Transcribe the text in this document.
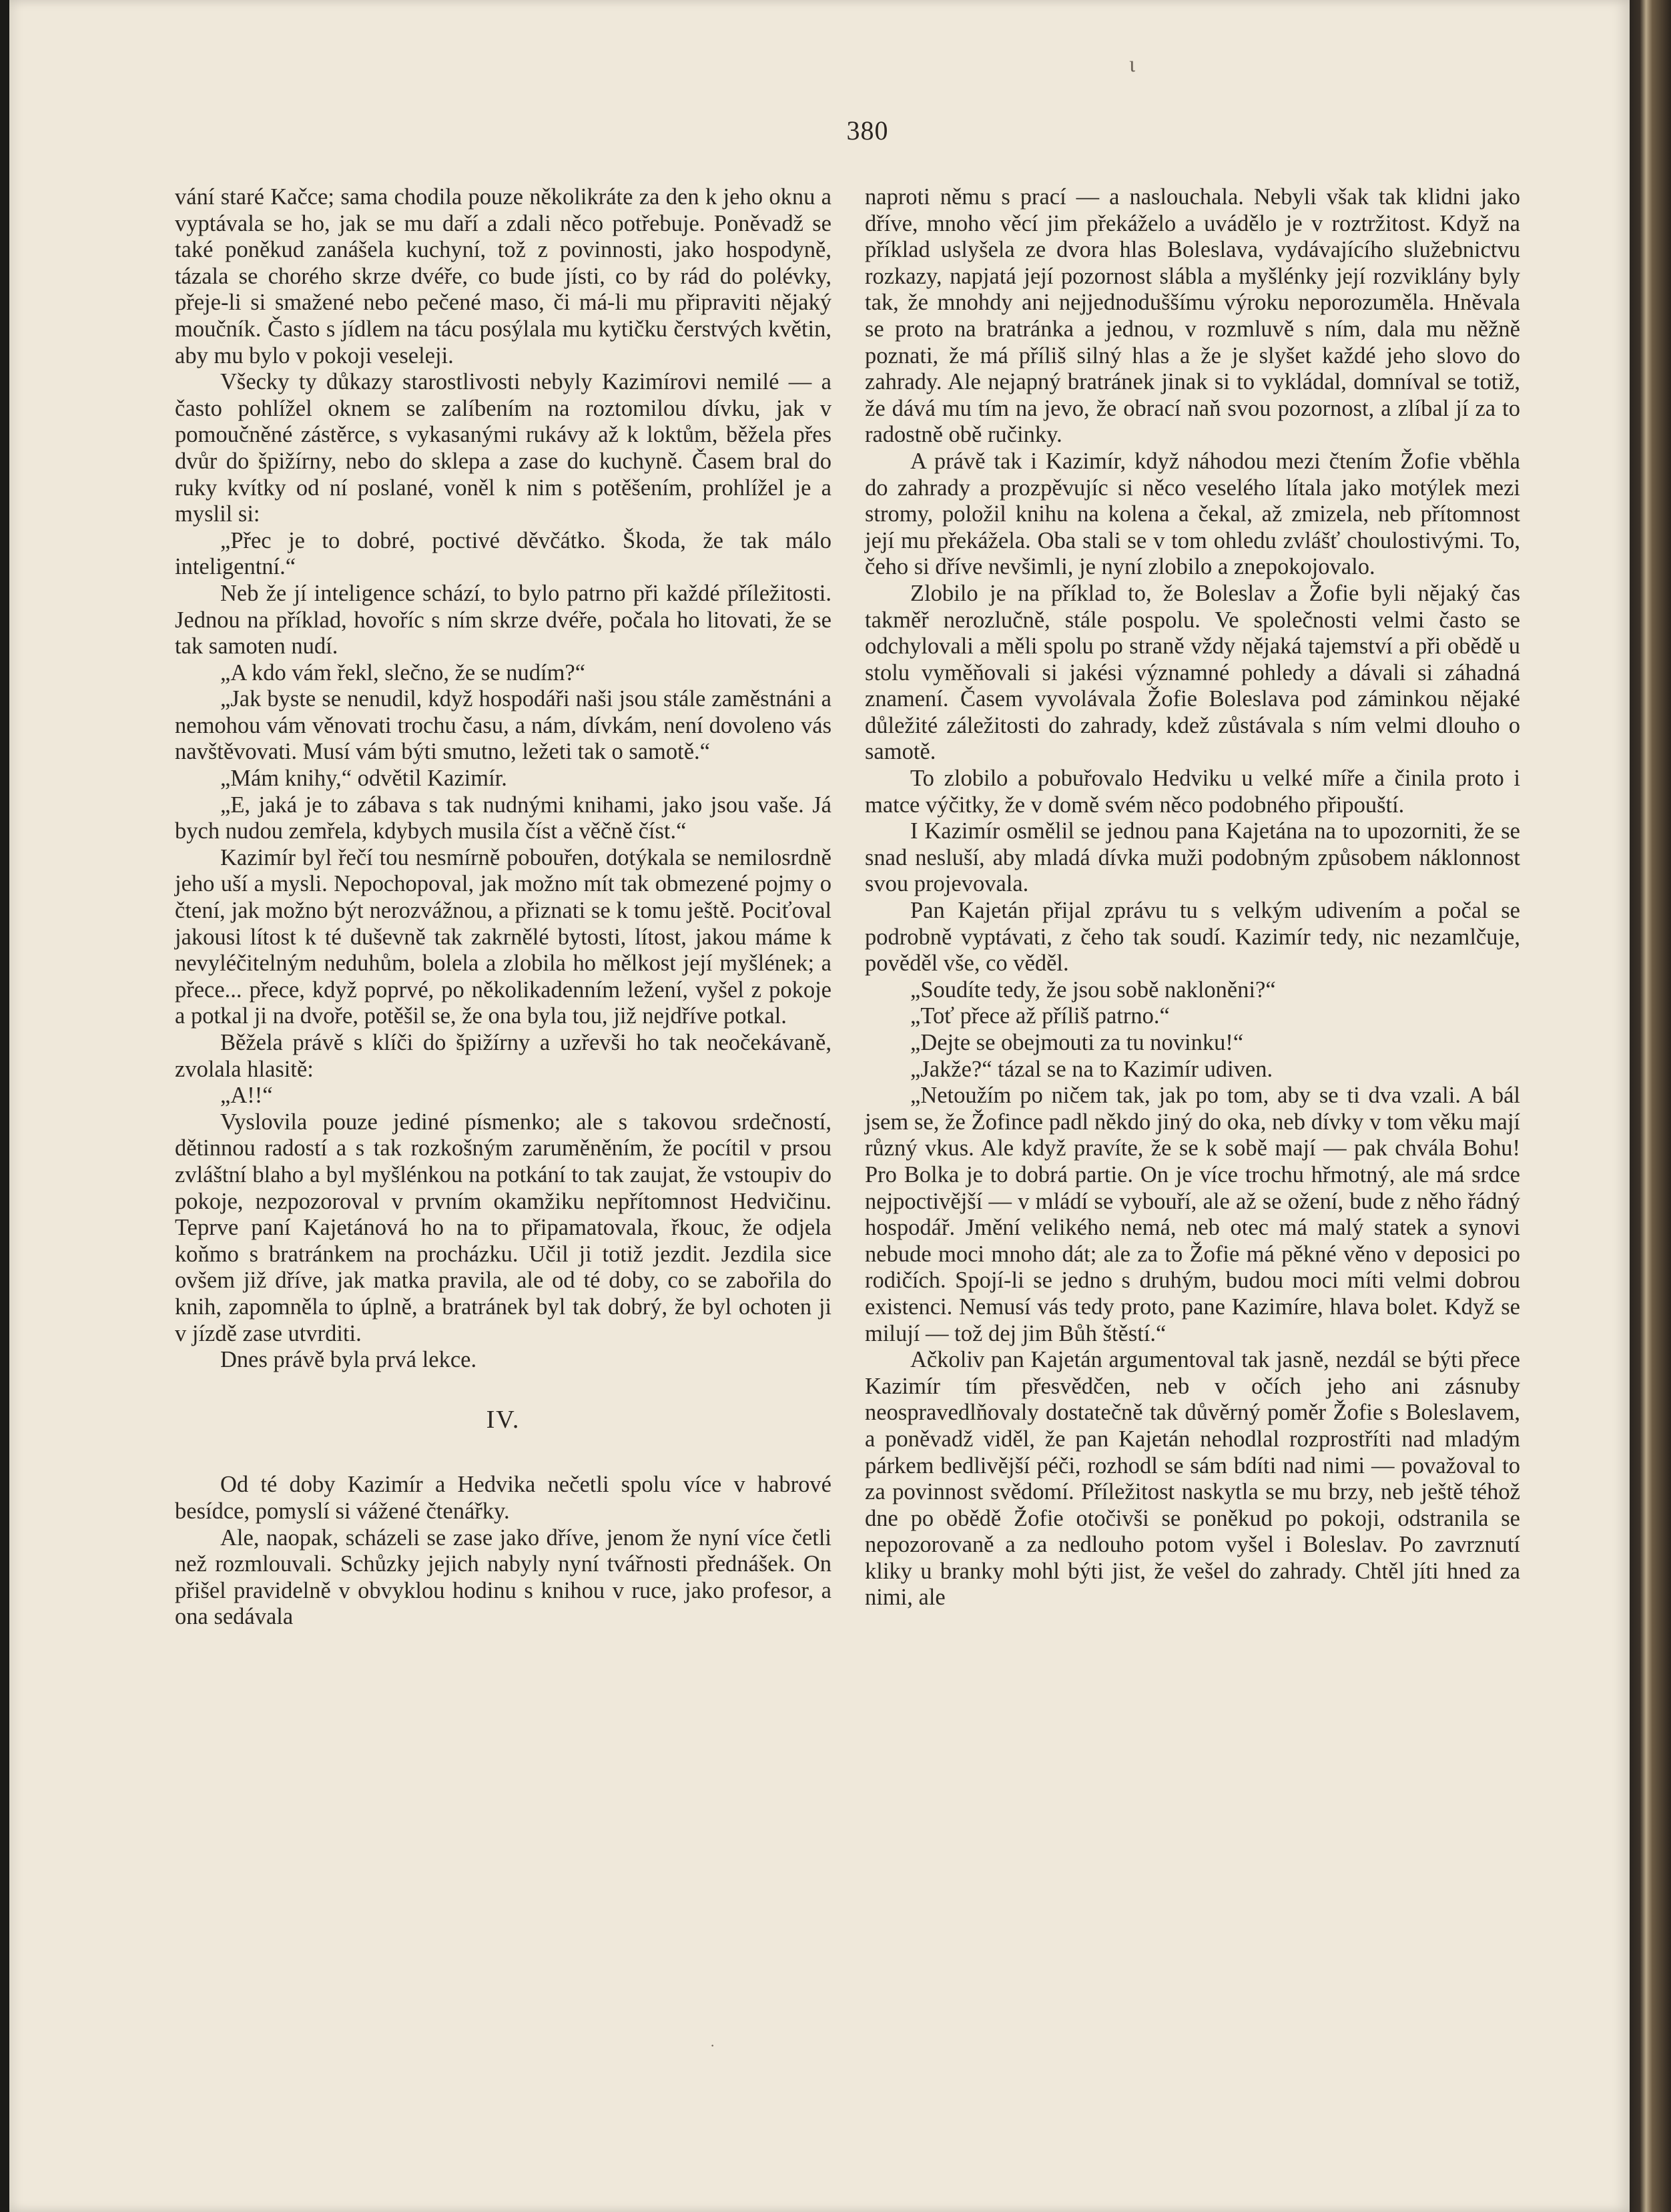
ι
·
380

vání staré Kačce; sama chodila pouze několikráte za den k jeho oknu a vyptávala se ho, jak se mu daří a zdali něco potřebuje. Poněvadž se také poněkud zanášela kuchyní, tož z povinnosti, jako hospodyně, tázala se chorého skrze dvéře, co bude jísti, co by rád do polévky, přeje-li si smažené nebo pečené maso, či má-li mu připraviti nějaký moučník. Často s jídlem na tácu posýlala mu kytičku čerstvých květin, aby mu bylo v pokoji veseleji.

Všecky ty důkazy starostlivosti nebyly Kazimírovi nemilé — a často pohlížel oknem se zalíbením na roztomilou dívku, jak v pomoučněné zástěrce, s vykasanými rukávy až k loktům, běžela přes dvůr do špižírny, nebo do sklepa a zase do kuchyně. Časem bral do ruky kvítky od ní poslané, voněl k nim s potěšením, prohlížel je a myslil si:

„Přec je to dobré, poctivé děvčátko. Škoda, že tak málo inteligentní.“

Neb že jí inteligence schází, to bylo patrno při každé příležitosti. Jednou na příklad, hovoříc s ním skrze dvéře, počala ho litovati, že se tak samoten nudí.

„A kdo vám řekl, slečno, že se nudím?“

„Jak byste se nenudil, když hospodáři naši jsou stále zaměstnáni a nemohou vám věnovati trochu času, a nám, dívkám, není dovoleno vás navštěvovati. Musí vám býti smutno, ležeti tak o samotě.“

„Mám knihy,“ odvětil Kazimír.

„E, jaká je to zábava s tak nudnými knihami, jako jsou vaše. Já bych nudou zemřela, kdybych musila číst a věčně číst.“

Kazimír byl řečí tou nesmírně pobouřen, dotýkala se nemilosrdně jeho uší a mysli. Nepochopoval, jak možno mít tak obmezené pojmy o čtení, jak možno být nerozvážnou, a přiznati se k tomu ještě. Pociťoval jakousi lítost k té duševně tak zakrnělé bytosti, lítost, jakou máme k nevyléčitelným neduhům, bolela a zlobila ho mělkost její myšlének; a přece... přece, když poprvé, po několikadenním ležení, vyšel z pokoje a potkal ji na dvoře, potěšil se, že ona byla tou, již nejdříve potkal.

Běžela právě s klíči do špižírny a uzřevši ho tak neočekávaně, zvolala hlasitě:

„A!!“

Vyslovila pouze jediné písmenko; ale s takovou srdečností, dětinnou radostí a s tak rozkošným zaruměněním, že pocítil v prsou zvláštní blaho a byl myšlénkou na potkání to tak zaujat, že vstoupiv do pokoje, nezpozoroval v prvním okamžiku nepřítomnost Hedvičinu. Teprve paní Kajetánová ho na to připamatovala, řkouc, že odjela koňmo s bratránkem na procházku. Učil ji totiž jezdit. Jezdila sice ovšem již dříve, jak matka pravila, ale od té doby, co se zabořila do knih, zapomněla to úplně, a bratránek byl tak dobrý, že byl ochoten ji v jízdě zase utvrditi.

Dnes právě byla prvá lekce.

IV.

Od té doby Kazimír a Hedvika nečetli spolu více v habrové besídce, pomyslí si vážené čtenářky.

Ale, naopak, scházeli se zase jako dříve, jenom že nyní více četli než rozmlouvali. Schůzky jejich nabyly nyní tvářnosti přednášek. On přišel pravidelně v obvyklou hodinu s knihou v ruce, jako profesor, a ona sedávala

naproti němu s prací — a naslouchala. Nebyli však tak klidni jako dříve, mnoho věcí jim překáželo a uvádělo je v roztržitost. Když na příklad uslyšela ze dvora hlas Boleslava, vydávajícího služebnictvu rozkazy, napjatá její pozornost slábla a myšlénky její rozviklány byly tak, že mnohdy ani nejjednoduššímu výroku neporozuměla. Hněvala se proto na bratránka a jednou, v rozmluvě s ním, dala mu něžně poznati, že má příliš silný hlas a že je slyšet každé jeho slovo do zahrady. Ale nejapný bratránek jinak si to vykládal, domníval se totiž, že dává mu tím na jevo, že obrací naň svou pozornost, a zlíbal jí za to radostně obě ručinky.

A právě tak i Kazimír, když náhodou mezi čtením Žofie vběhla do zahrady a prozpěvujíc si něco veselého lítala jako motýlek mezi stromy, položil knihu na kolena a čekal, až zmizela, neb přítomnost její mu překážela. Oba stali se v tom ohledu zvlášť choulostivými. To, čeho si dříve nevšimli, je nyní zlobilo a znepokojovalo.

Zlobilo je na příklad to, že Boleslav a Žofie byli nějaký čas takměř nerozlučně, stále pospolu. Ve společnosti velmi často se odchylovali a měli spolu po straně vždy nějaká tajemství a při obědě u stolu vyměňovali si jakési významné pohledy a dávali si záhadná znamení. Časem vyvolávala Žofie Boleslava pod záminkou nějaké důležité záležitosti do zahrady, kdež zůstávala s ním velmi dlouho o samotě.

To zlobilo a pobuřovalo Hedviku u velké míře a činila proto i matce výčitky, že v domě svém něco podobného připouští.

I Kazimír osmělil se jednou pana Kajetána na to upozorniti, že se snad nesluší, aby mladá dívka muži podobným způsobem náklonnost svou projevovala.

Pan Kajetán přijal zprávu tu s velkým udivením a počal se podrobně vyptávati, z čeho tak soudí. Kazimír tedy, nic nezamlčuje, pověděl vše, co věděl.

„Soudíte tedy, že jsou sobě nakloněni?“

„Toť přece až příliš patrno.“

„Dejte se obejmouti za tu novinku!“

„Jakže?“ tázal se na to Kazimír udiven.

„Netoužím po ničem tak, jak po tom, aby se ti dva vzali. A bál jsem se, že Žofince padl někdo jiný do oka, neb dívky v tom věku mají různý vkus. Ale když pravíte, že se k sobě mají — pak chvála Bohu! Pro Bolka je to dobrá partie. On je více trochu hřmotný, ale má srdce nejpoctivější — v mládí se vybouří, ale až se ožení, bude z něho řádný hospodář. Jmění velikého nemá, neb otec má malý statek a synovi nebude moci mnoho dát; ale za to Žofie má pěkné věno v deposici po rodičích. Spojí-li se jedno s druhým, budou moci míti velmi dobrou existenci. Nemusí vás tedy proto, pane Kazimíre, hlava bolet. Když se milují — tož dej jim Bůh štěstí.“

Ačkoliv pan Kajetán argumentoval tak jasně, nezdál se býti přece Kazimír tím přesvědčen, neb v očích jeho ani zásnuby neospravedlňovaly dostatečně tak důvěrný poměr Žofie s Boleslavem, a poněvadž viděl, že pan Kajetán nehodlal rozprostříti nad mladým párkem bedlivější péči, rozhodl se sám bdíti nad nimi — považoval to za povinnost svědomí. Příležitost naskytla se mu brzy, neb ještě téhož dne po obědě Žofie otočivši se poněkud po pokoji, odstranila se nepozorovaně a za nedlouho potom vyšel i Boleslav. Po zavrznutí kliky u branky mohl býti jist, že vešel do zahrady. Chtěl jíti hned za nimi, ale
